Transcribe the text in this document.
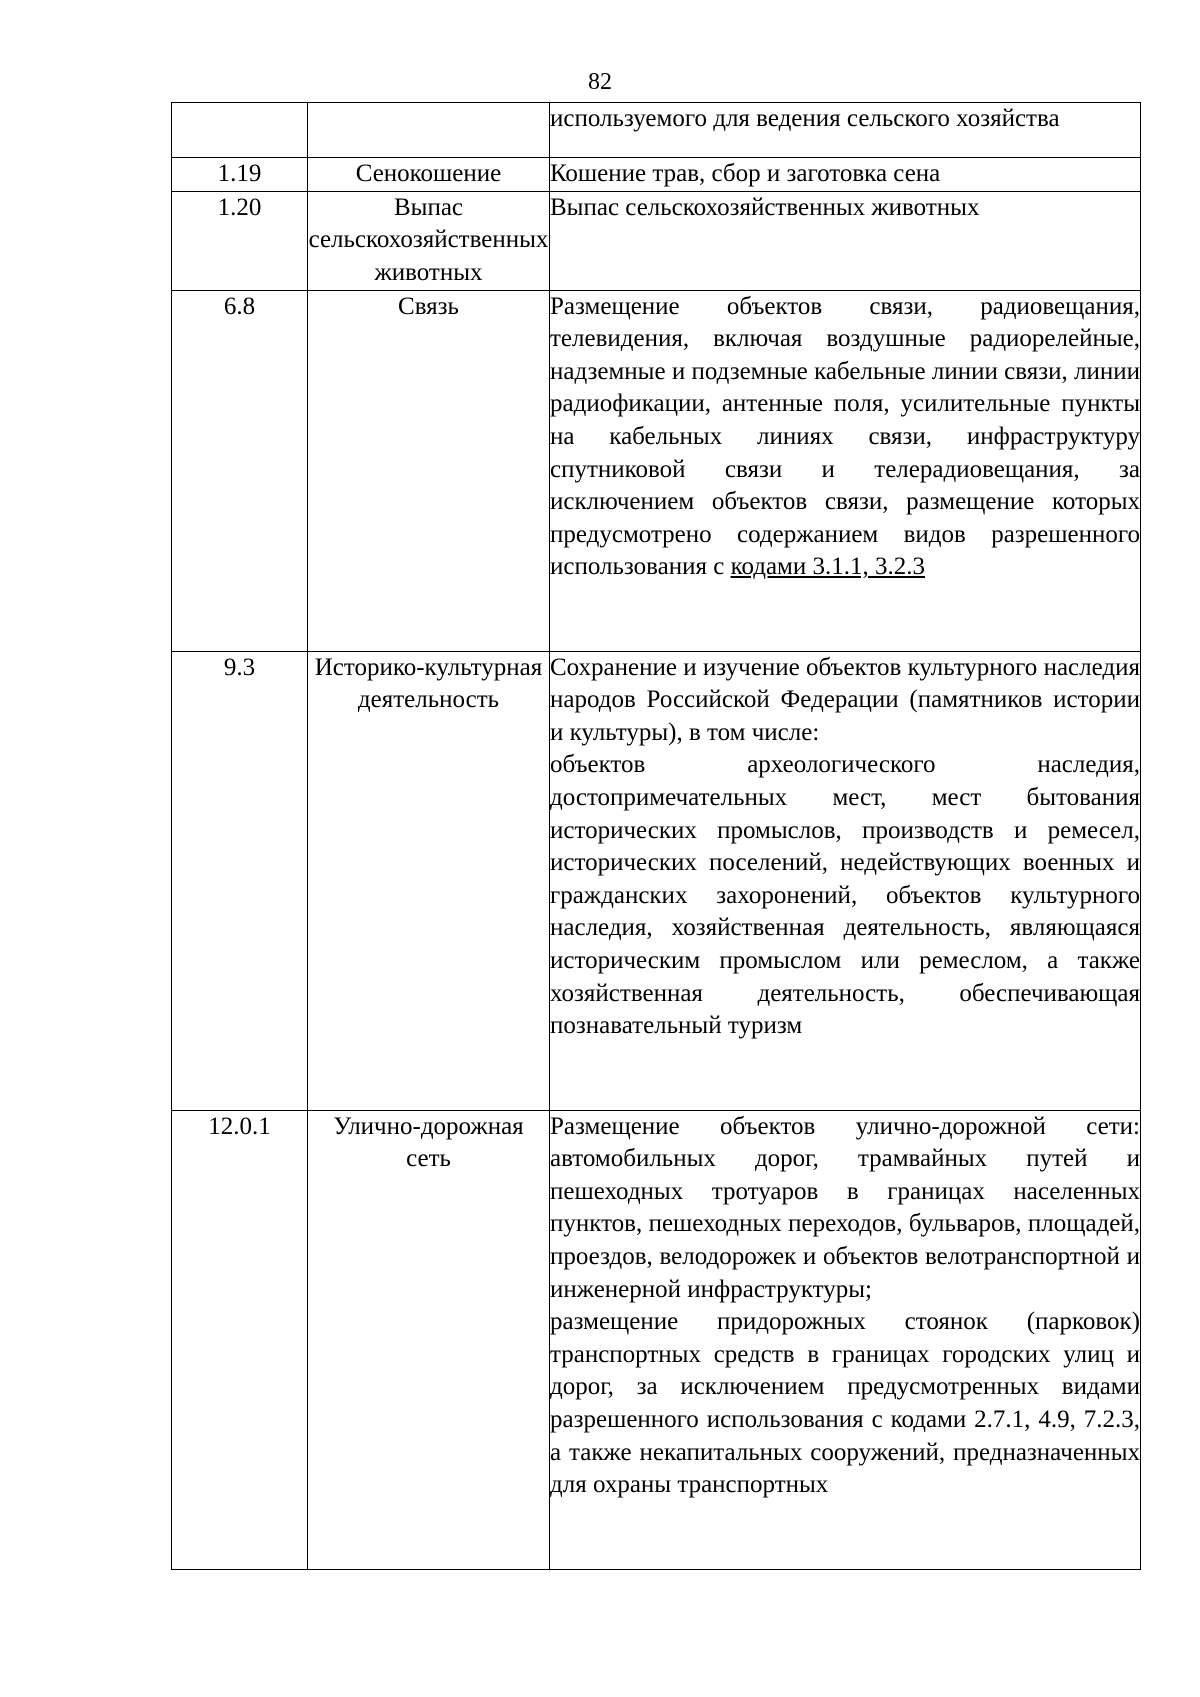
82

		используемого для ведения сельского хозяйства

1.19	Сенокошение	Кошение трав, сбор и заготовка сена

1.20	Выпас сельскохозяйственных животных	Выпас сельскохозяйственных животных

6.8	Связь	Размещение объектов связи, радиовещания, телевидения, включая воздушные радиорелейные, надземные и подземные кабельные линии связи, линии радиофикации, антенные поля, усилительные пункты на кабельных линиях связи, инфраструктуру спутниковой связи и телерадиовещания, за исключением объектов связи, размещение которых предусмотрено содержанием видов разрешенного использования с кодами 3.1.1, 3.2.3

9.3	Историко-культурная деятельность	Сохранение и изучение объектов культурного наследия народов Российской Федерации (памятников истории и культуры), в том числе:
объектов археологического наследия, достопримечательных мест, мест бытования исторических промыслов, производств и ремесел, исторических поселений, недействующих военных и гражданских захоронений, объектов культурного наследия, хозяйственная деятельность, являющаяся историческим промыслом или ремеслом, а также хозяйственная деятельность, обеспечивающая познавательный туризм

12.0.1	Улично-дорожная сеть	Размещение объектов улично-дорожной сети: автомобильных дорог, трамвайных путей и пешеходных тротуаров в границах населенных пунктов, пешеходных переходов, бульваров, площадей, проездов, велодорожек и объектов велотранспортной и инженерной инфраструктуры;
размещение придорожных стоянок (парковок) транспортных средств в границах городских улиц и дорог, за исключением предусмотренных видами разрешенного использования с кодами 2.7.1, 4.9, 7.2.3, а также некапитальных сооружений, предназначенных для охраны транспортных
